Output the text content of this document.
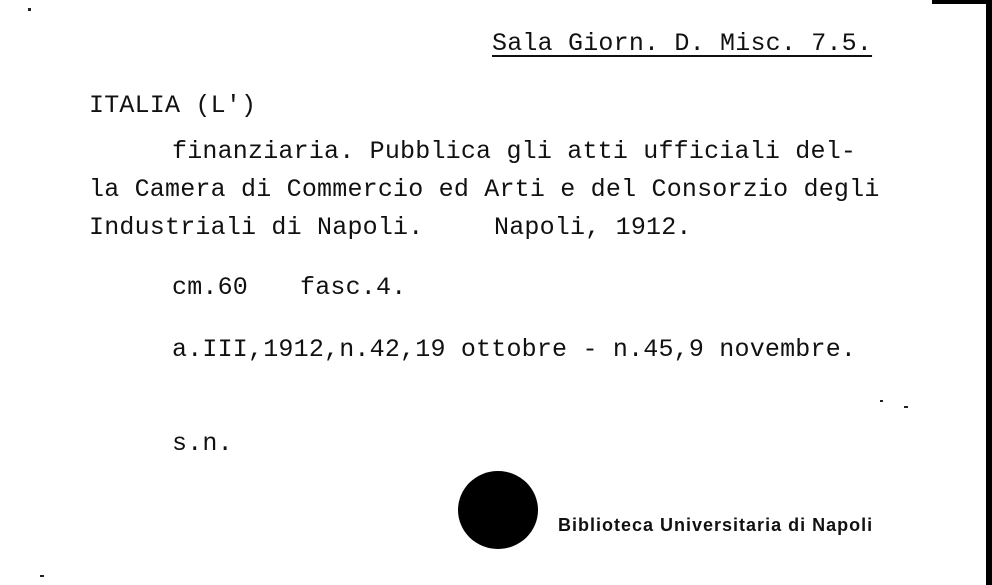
Sala Giorn. D. Misc. 7.5.
ITALIA (L')
finanziaria. Pubblica gli atti ufficiali del-
la Camera di Commercio ed Arti e del Consorzio degli
Industriali di Napoli.	Napoli, 1912.
cm.60 fasc.4.
a.III,1912,n.42,19 ottobre - n.45,9 novembre.
s.n.
Biblioteca Universitaria di Napoli
